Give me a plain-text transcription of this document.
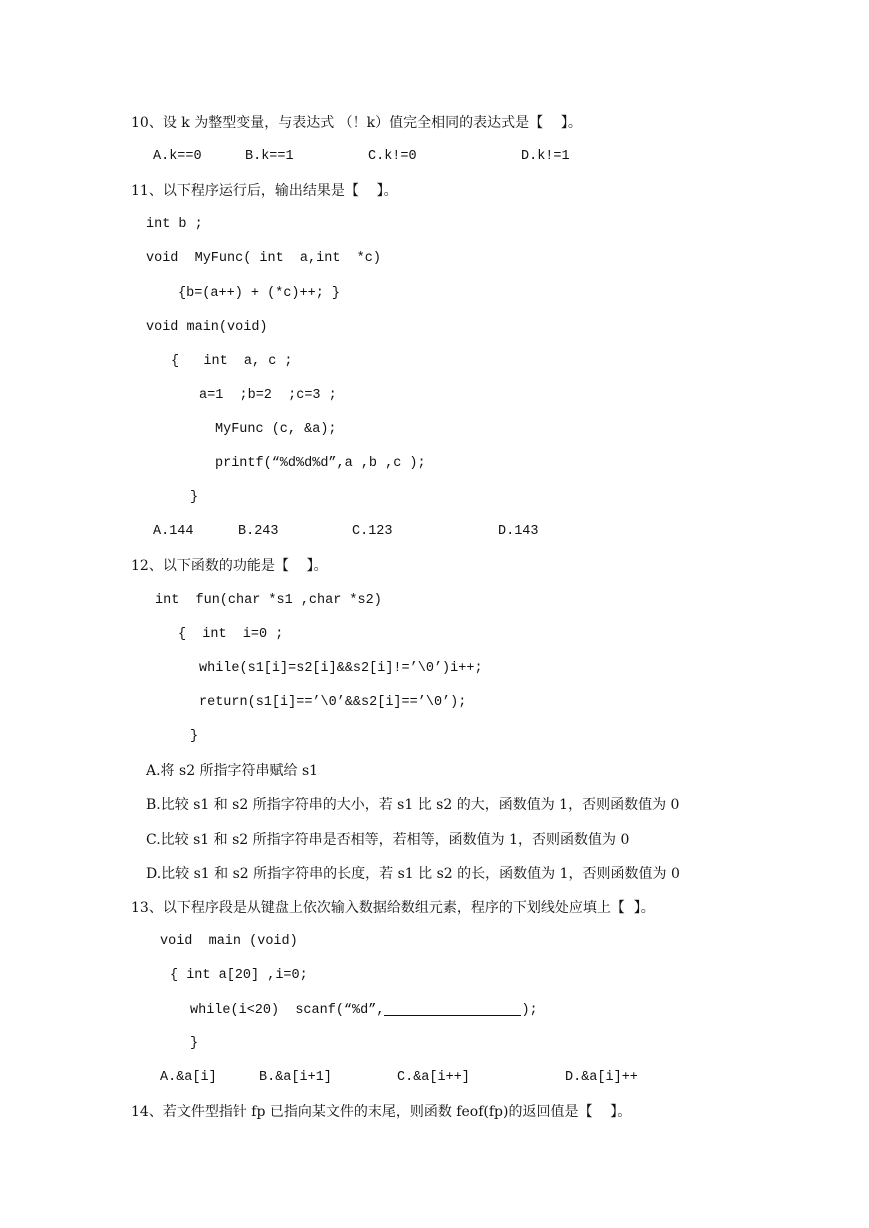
10、设 k 为整型变量，与表达式 （！k）值完全相同的表达式是【    】。
A.k==0	B.k==1	C.k!=0	D.k!=1
11、以下程序运行后，输出结果是【    】。
int b ;
void  MyFunc( int  a,int  *c)
{b=(a++) + (*c)++; }
void main(void)
{   int  a, c ;
a=1  ;b=2  ;c=3 ;
MyFunc (c, &a);
printf(“%d%d%d”,a ,b ,c );
}
A.144	B.243	C.123	D.143
12、以下函数的功能是【    】。
int  fun(char *s1 ,char *s2)
{  int  i=0 ;
while(s1[i]=s2[i]&&s2[i]!=’\0’)i++;
return(s1[i]==’\0’&&s2[i]==’\0’);
}
A.将 s2 所指字符串赋给 s1
B.比较 s1 和 s2 所指字符串的大小，若 s1 比 s2 的大，函数值为 1，否则函数值为 0
C.比较 s1 和 s2 所指字符串是否相等，若相等，函数值为 1，否则函数值为 0
D.比较 s1 和 s2 所指字符串的长度，若 s1 比 s2 的长，函数值为 1，否则函数值为 0
13、以下程序段是从键盘上依次输入数据给数组元素，程序的下划线处应填上【  】。
void  main (void)
{ int a[20] ,i=0;
while(i<20)  scanf(“%d”,	);
}
A.&a[i]	B.&a[i+1]	C.&a[i++]	D.&a[i]++
14、若文件型指针 fp 已指向某文件的末尾，则函数 feof(fp)的返回值是【    】。
